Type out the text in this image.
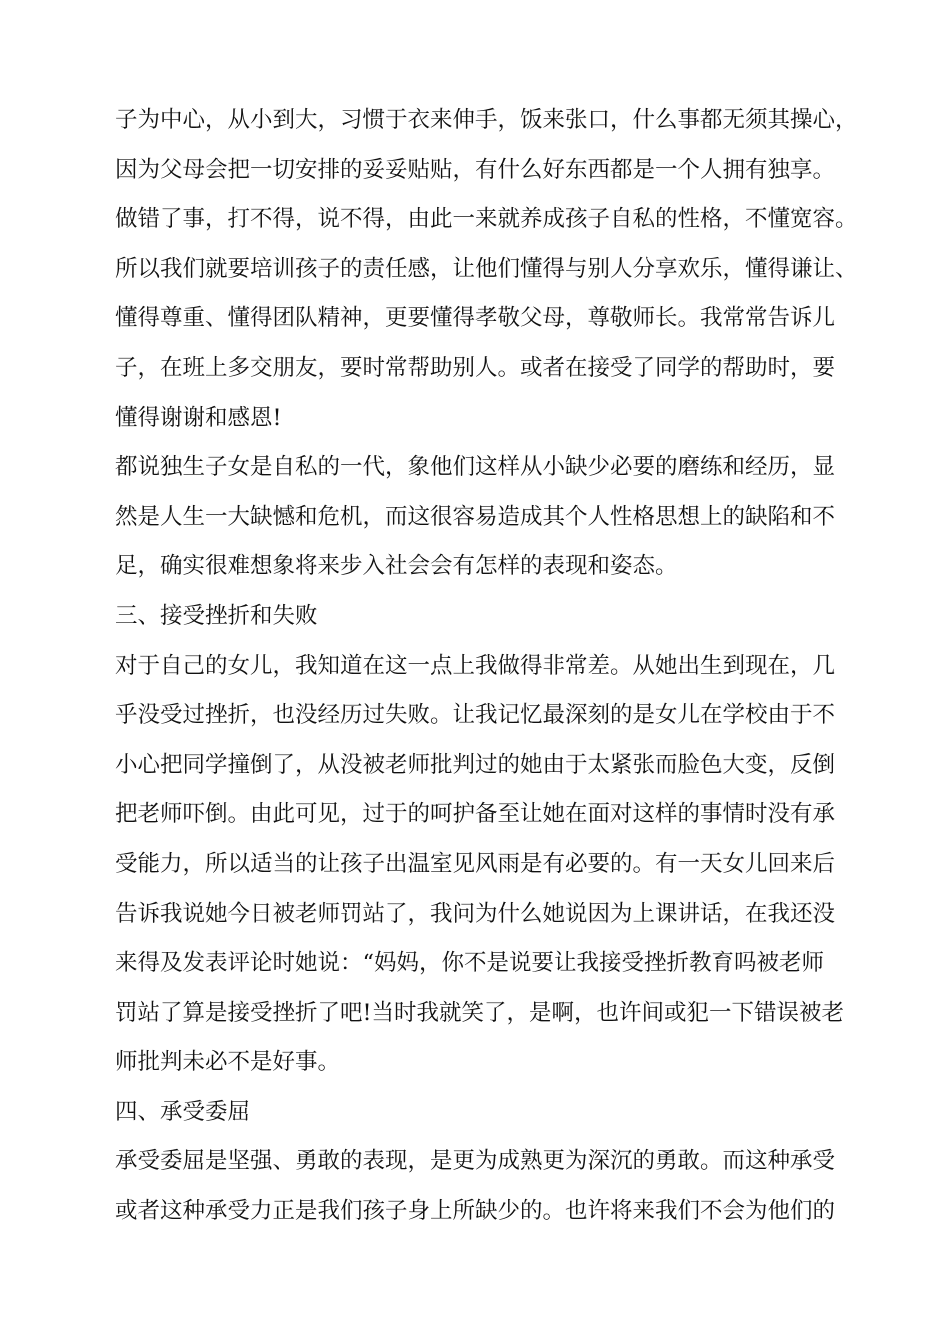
子为中心，从小到大，习惯于衣来伸手，饭来张口，什么事都无须其操心，
因为父母会把一切安排的妥妥贴贴，有什么好东西都是一个人拥有独享。
做错了事，打不得，说不得，由此一来就养成孩子自私的性格，不懂宽容。
所以我们就要培训孩子的责任感，让他们懂得与别人分享欢乐，懂得谦让、
懂得尊重、懂得团队精神，更要懂得孝敬父母，尊敬师长。我常常告诉儿
子，在班上多交朋友，要时常帮助别人。或者在接受了同学的帮助时，要
懂得谢谢和感恩!
都说独生子女是自私的一代，象他们这样从小缺少必要的磨练和经历，显
然是人生一大缺憾和危机，而这很容易造成其个人性格思想上的缺陷和不
足，确实很难想象将来步入社会会有怎样的表现和姿态。
三、接受挫折和失败
对于自己的女儿，我知道在这一点上我做得非常差。从她出生到现在，几
乎没受过挫折，也没经历过失败。让我记忆最深刻的是女儿在学校由于不
小心把同学撞倒了，从没被老师批判过的她由于太紧张而脸色大变，反倒
把老师吓倒。由此可见，过于的呵护备至让她在面对这样的事情时没有承
受能力，所以适当的让孩子出温室见风雨是有必要的。有一天女儿回来后
告诉我说她今日被老师罚站了，我问为什么她说因为上课讲话，在我还没
来得及发表评论时她说：“妈妈，你不是说要让我接受挫折教育吗被老师
罚站了算是接受挫折了吧!当时我就笑了，是啊，也许间或犯一下错误被老
师批判未必不是好事。
四、承受委屈
承受委屈是坚强、勇敢的表现，是更为成熟更为深沉的勇敢。而这种承受
或者这种承受力正是我们孩子身上所缺少的。也许将来我们不会为他们的
